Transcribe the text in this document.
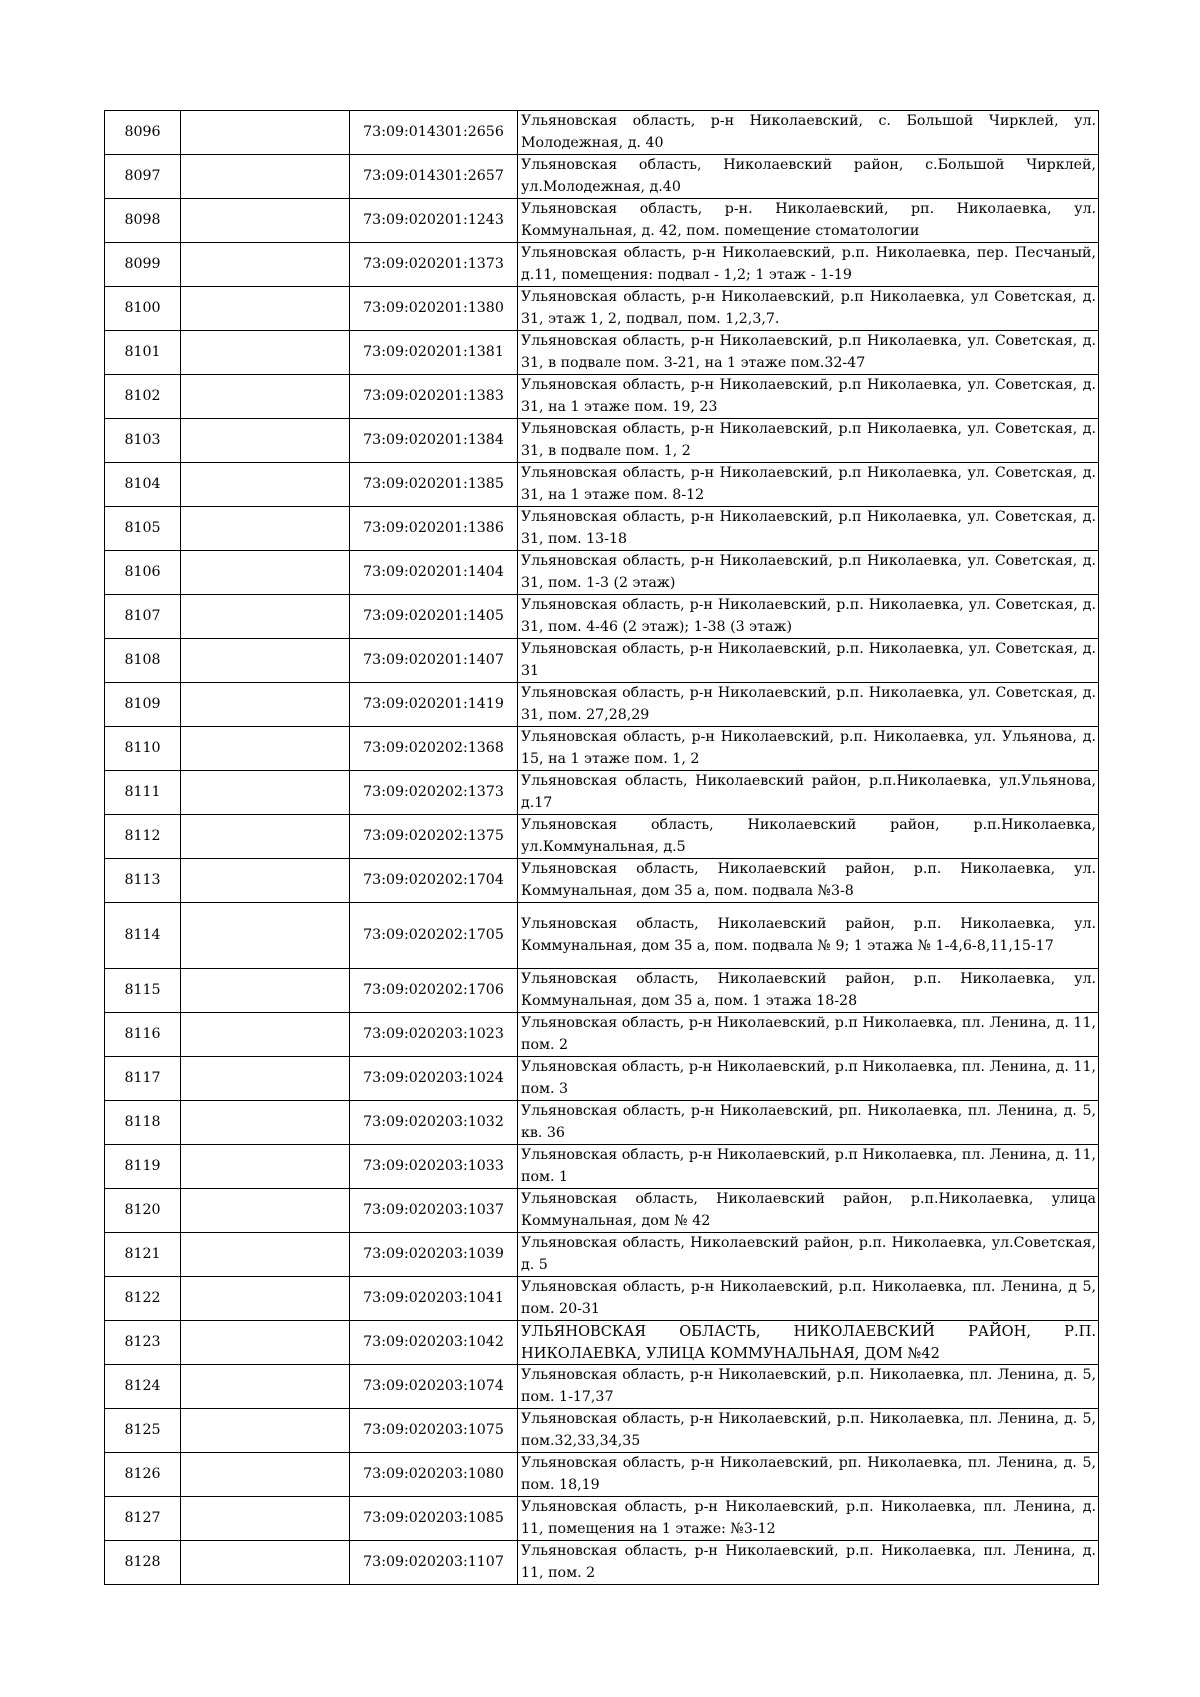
8096		73:09:014301:2656	Ульяновская область, р-н Николаевский, с. Большой Чирклей, ул. Молодежная, д. 40
8097		73:09:014301:2657	Ульяновская область, Николаевский район, с.Большой Чирклей, ул.Молодежная, д.40
8098		73:09:020201:1243	Ульяновская область, р-н. Николаевский, рп. Николаевка, ул. Коммунальная, д. 42, пом. помещение стоматологии
8099		73:09:020201:1373	Ульяновская область, р-н Николаевский, р.п. Николаевка, пер. Песчаный, д.11, помещения: подвал - 1,2; 1 этаж - 1-19
8100		73:09:020201:1380	Ульяновская область, р-н Николаевский, р.п Николаевка, ул Советская, д. 31, этаж 1, 2, подвал, пом. 1,2,3,7.
8101		73:09:020201:1381	Ульяновская область, р-н Николаевский, р.п Николаевка, ул. Советская, д. 31, в подвале пом. 3-21, на 1 этаже пом.32-47
8102		73:09:020201:1383	Ульяновская область, р-н Николаевский, р.п Николаевка, ул. Советская, д. 31, на 1 этаже пом. 19, 23
8103		73:09:020201:1384	Ульяновская область, р-н Николаевский, р.п Николаевка, ул. Советская, д. 31, в подвале пом. 1, 2
8104		73:09:020201:1385	Ульяновская область, р-н Николаевский, р.п Николаевка, ул. Советская, д. 31, на 1 этаже пом. 8-12
8105		73:09:020201:1386	Ульяновская область, р-н Николаевский, р.п Николаевка, ул. Советская, д. 31, пом. 13-18
8106		73:09:020201:1404	Ульяновская область, р-н Николаевский, р.п Николаевка, ул. Советская, д. 31, пом. 1-3 (2 этаж)
8107		73:09:020201:1405	Ульяновская область, р-н Николаевский, р.п. Николаевка, ул. Советская, д. 31, пом. 4-46 (2 этаж); 1-38 (3 этаж)
8108		73:09:020201:1407	Ульяновская область, р-н Николаевский, р.п. Николаевка, ул. Советская, д. 31
8109		73:09:020201:1419	Ульяновская область, р-н Николаевский, р.п. Николаевка, ул. Советская, д. 31, пом. 27,28,29
8110		73:09:020202:1368	Ульяновская область, р-н Николаевский, р.п. Николаевка, ул. Ульянова, д. 15, на 1 этаже пом. 1, 2
8111		73:09:020202:1373	Ульяновская область, Николаевский район, р.п.Николаевка, ул.Ульянова, д.17
8112		73:09:020202:1375	Ульяновская область, Николаевский район, р.п.Николаевка, ул.Коммунальная, д.5
8113		73:09:020202:1704	Ульяновская область, Николаевский район, р.п. Николаевка, ул. Коммунальная, дом 35 а, пом. подвала №3-8
8114		73:09:020202:1705	Ульяновская область, Николаевский район, р.п. Николаевка, ул. Коммунальная, дом 35 а, пом. подвала № 9; 1 этажа № 1-4,6-8,11,15-17
8115		73:09:020202:1706	Ульяновская область, Николаевский район, р.п. Николаевка, ул. Коммунальная, дом 35 а, пом. 1 этажа 18-28
8116		73:09:020203:1023	Ульяновская область, р-н Николаевский, р.п Николаевка, пл. Ленина, д. 11, пом. 2
8117		73:09:020203:1024	Ульяновская область, р-н Николаевский, р.п Николаевка, пл. Ленина, д. 11, пом. 3
8118		73:09:020203:1032	Ульяновская область, р-н Николаевский, рп. Николаевка, пл. Ленина, д. 5, кв. 36
8119		73:09:020203:1033	Ульяновская область, р-н Николаевский, р.п Николаевка, пл. Ленина, д. 11, пом. 1
8120		73:09:020203:1037	Ульяновская область, Николаевский район, р.п.Николаевка, улица Коммунальная, дом № 42
8121		73:09:020203:1039	Ульяновская область, Николаевский район, р.п. Николаевка, ул.Советская, д. 5
8122		73:09:020203:1041	Ульяновская область, р-н Николаевский, р.п. Николаевка, пл. Ленина, д 5, пом. 20-31
8123		73:09:020203:1042	УЛЬЯНОВСКАЯ ОБЛАСТЬ, НИКОЛАЕВСКИЙ РАЙОН, Р.П. НИКОЛАЕВКА, УЛИЦА КОММУНАЛЬНАЯ, ДОМ №42
8124		73:09:020203:1074	Ульяновская область, р-н Николаевский, р.п. Николаевка, пл. Ленина, д. 5, пом. 1-17,37
8125		73:09:020203:1075	Ульяновская область, р-н Николаевский, р.п. Николаевка, пл. Ленина, д. 5, пом.32,33,34,35
8126		73:09:020203:1080	Ульяновская область, р-н Николаевский, рп. Николаевка, пл. Ленина, д. 5, пом. 18,19
8127		73:09:020203:1085	Ульяновская область, р-н Николаевский, р.п. Николаевка, пл. Ленина, д. 11, помещения на 1 этаже: №3-12
8128		73:09:020203:1107	Ульяновская область, р-н Николаевский, р.п. Николаевка, пл. Ленина, д. 11, пом. 2
